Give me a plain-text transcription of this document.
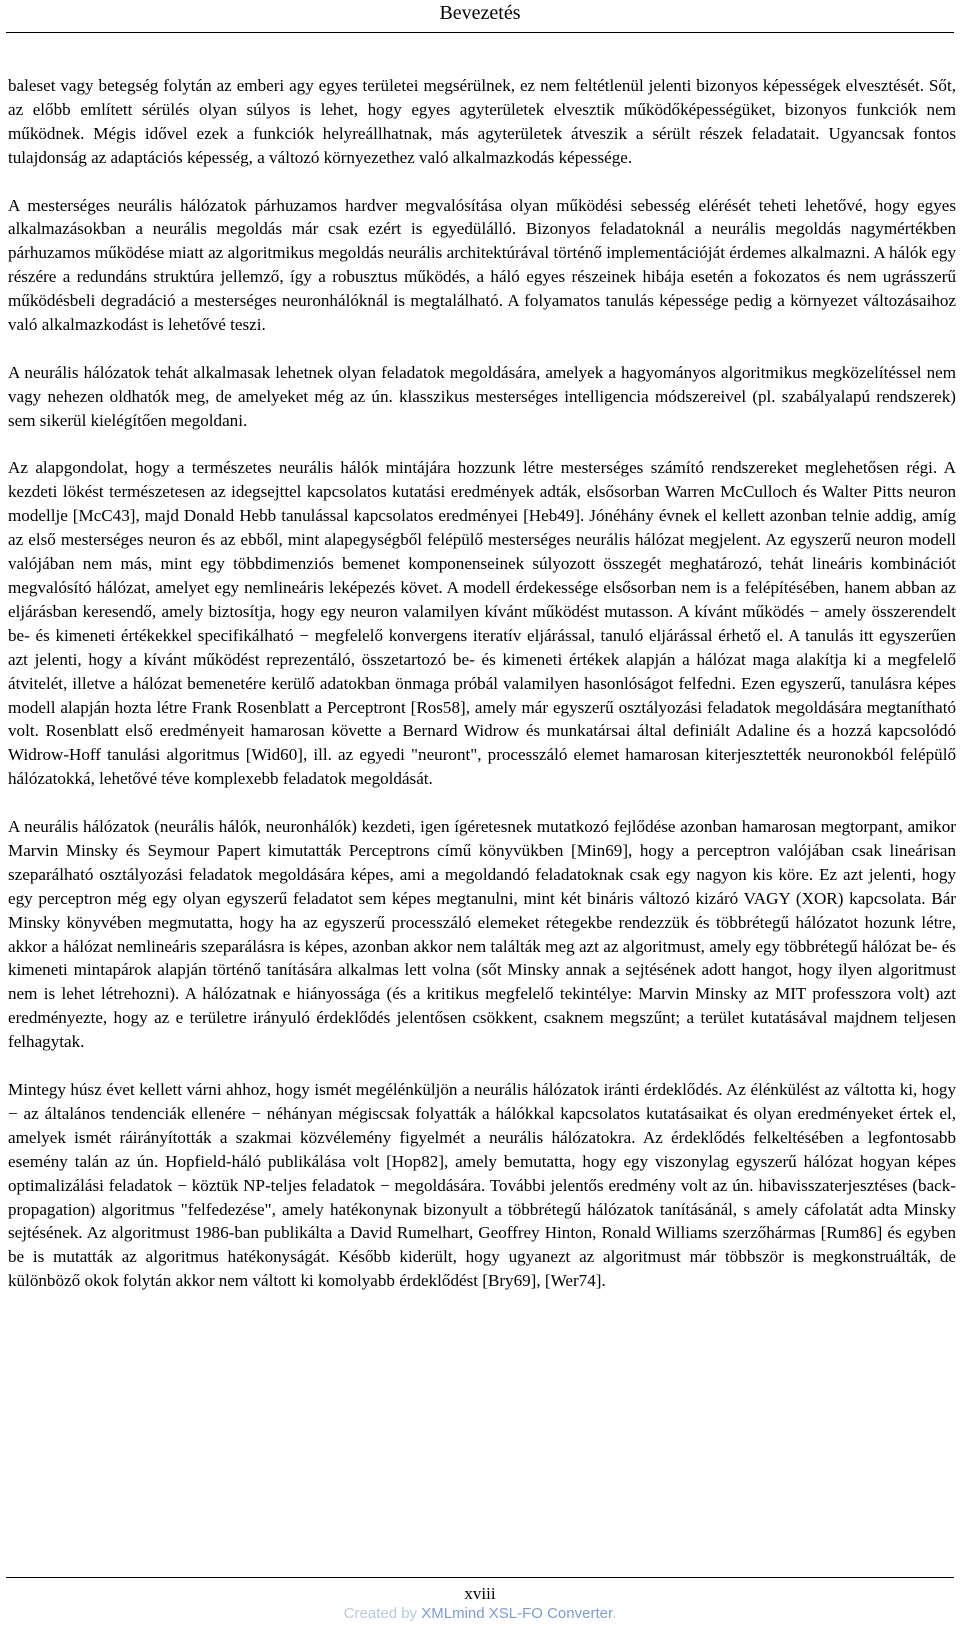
Bevezetés

baleset vagy betegség folytán az emberi agy egyes területei megsérülnek, ez nem feltétlenül jelenti bizonyos képességek elvesztését. Sőt, az előbb említett sérülés olyan súlyos is lehet, hogy egyes agyterületek elvesztik működőképességüket, bizonyos funkciók nem működnek. Mégis idővel ezek a funkciók helyreállhatnak, más agyterületek átveszik a sérült részek feladatait. Ugyancsak fontos tulajdonság az adaptációs képesség, a változó környezethez való alkalmazkodás képessége.

A mesterséges neurális hálózatok párhuzamos hardver megvalósítása olyan működési sebesség elérését teheti lehetővé, hogy egyes alkalmazásokban a neurális megoldás már csak ezért is egyedülálló. Bizonyos feladatoknál a neurális megoldás nagymértékben párhuzamos működése miatt az algoritmikus megoldás neurális architektúrával történő implementációját érdemes alkalmazni. A hálók egy részére a redundáns struktúra jellemző, így a robusztus működés, a háló egyes részeinek hibája esetén a fokozatos és nem ugrásszerű működésbeli degradáció a mesterséges neuronhálóknál is megtalálható. A folyamatos tanulás képessége pedig a környezet változásaihoz való alkalmazkodást is lehetővé teszi.

A neurális hálózatok tehát alkalmasak lehetnek olyan feladatok megoldására, amelyek a hagyományos algoritmikus megközelítéssel nem vagy nehezen oldhatók meg, de amelyeket még az ún. klasszikus mesterséges intelligencia módszereivel (pl. szabályalapú rendszerek) sem sikerül kielégítően megoldani.

Az alapgondolat, hogy a természetes neurális hálók mintájára hozzunk létre mesterséges számító rendszereket meglehetősen régi. A kezdeti lökést természetesen az idegsejttel kapcsolatos kutatási eredmények adták, elsősorban Warren McCulloch és Walter Pitts neuron modellje [McC43], majd Donald Hebb tanulással kapcsolatos eredményei [Heb49]. Jónéhány évnek el kellett azonban telnie addig, amíg az első mesterséges neuron és az ebből, mint alapegységből felépülő mesterséges neurális hálózat megjelent. Az egyszerű neuron modell valójában nem más, mint egy többdimenziós bemenet komponenseinek súlyozott összegét meghatározó, tehát lineáris kombinációt megvalósító hálózat, amelyet egy nemlineáris leképezés követ. A modell érdekessége elsősorban nem is a felépítésében, hanem abban az eljárásban keresendő, amely biztosítja, hogy egy neuron valamilyen kívánt működést mutasson. A kívánt működés − amely összerendelt be- és kimeneti értékekkel specifikálható − megfelelő konvergens iteratív eljárással, tanuló eljárással érhető el. A tanulás itt egyszerűen azt jelenti, hogy a kívánt működést reprezentáló, összetartozó be- és kimeneti értékek alapján a hálózat maga alakítja ki a megfelelő átvitelét, illetve a hálózat bemenetére kerülő adatokban önmaga próbál valamilyen hasonlóságot felfedni. Ezen egyszerű, tanulásra képes modell alapján hozta létre Frank Rosenblatt a Perceptront [Ros58], amely már egyszerű osztályozási feladatok megoldására megtanítható volt. Rosenblatt első eredményeit hamarosan követte a Bernard Widrow és munkatársai által definiált Adaline és a hozzá kapcsolódó Widrow-Hoff tanulási algoritmus [Wid60], ill. az egyedi "neuront", processzáló elemet hamarosan kiterjesztették neuronokból felépülő hálózatokká, lehetővé téve komplexebb feladatok megoldását.

A neurális hálózatok (neurális hálók, neuronhálók) kezdeti, igen ígéretesnek mutatkozó fejlődése azonban hamarosan megtorpant, amikor Marvin Minsky és Seymour Papert kimutatták Perceptrons című könyvükben [Min69], hogy a perceptron valójában csak lineárisan szeparálható osztályozási feladatok megoldására képes, ami a megoldandó feladatoknak csak egy nagyon kis köre. Ez azt jelenti, hogy egy perceptron még egy olyan egyszerű feladatot sem képes megtanulni, mint két bináris változó kizáró VAGY (XOR) kapcsolata. Bár Minsky könyvében megmutatta, hogy ha az egyszerű processzáló elemeket rétegekbe rendezzük és többrétegű hálózatot hozunk létre, akkor a hálózat nemlineáris szeparálásra is képes, azonban akkor nem találták meg azt az algoritmust, amely egy többrétegű hálózat be- és kimeneti mintapárok alapján történő tanítására alkalmas lett volna (sőt Minsky annak a sejtésének adott hangot, hogy ilyen algoritmust nem is lehet létrehozni). A hálózatnak e hiányossága (és a kritikus megfelelő tekintélye: Marvin Minsky az MIT professzora volt) azt eredményezte, hogy az e területre irányuló érdeklődés jelentősen csökkent, csaknem megszűnt; a terület kutatásával majdnem teljesen felhagytak.

Mintegy húsz évet kellett várni ahhoz, hogy ismét megélénküljön a neurális hálózatok iránti érdeklődés. Az élénkülést az váltotta ki, hogy − az általános tendenciák ellenére − néhányan mégiscsak folyatták a hálókkal kapcsolatos kutatásaikat és olyan eredményeket értek el, amelyek ismét ráirányították a szakmai közvélemény figyelmét a neurális hálózatokra. Az érdeklődés felkeltésében a legfontosabb esemény talán az ún. Hopfield-háló publikálása volt [Hop82], amely bemutatta, hogy egy viszonylag egyszerű hálózat hogyan képes optimalizálási feladatok − köztük NP-teljes feladatok − megoldására. További jelentős eredmény volt az ún. hibavisszaterjesztéses (back-propagation) algoritmus "felfedezése", amely hatékonynak bizonyult a többrétegű hálózatok tanításánál, s amely cáfolatát adta Minsky sejtésének. Az algoritmust 1986-ban publikálta a David Rumelhart, Geoffrey Hinton, Ronald Williams szerzőhármas [Rum86] és egyben be is mutatták az algoritmus hatékonyságát. Később kiderült, hogy ugyanezt az algoritmust már többször is megkonstruálták, de különböző okok folytán akkor nem váltott ki komolyabb érdeklődést [Bry69], [Wer74].

xviii
Created by XMLmind XSL-FO Converter.
